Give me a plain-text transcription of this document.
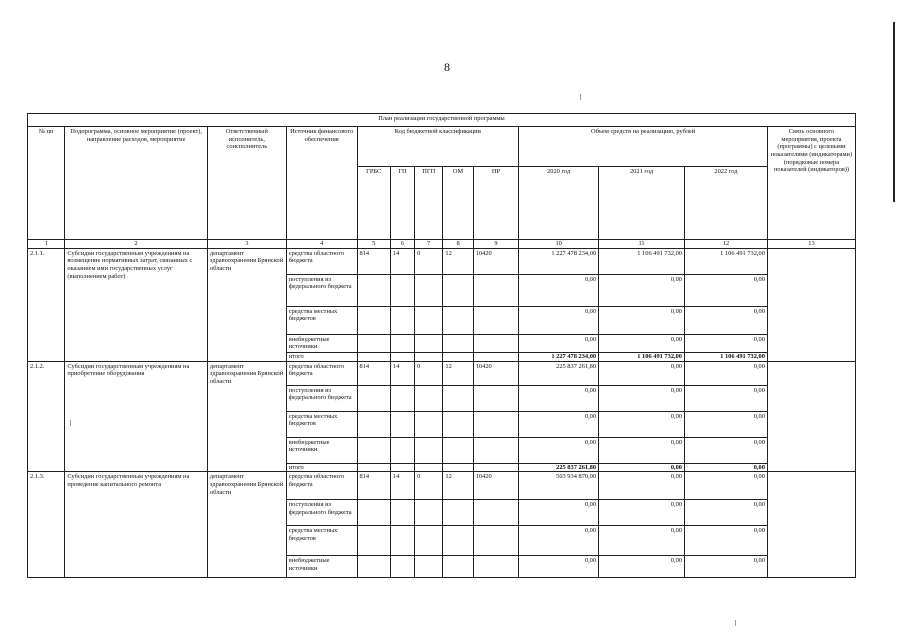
8
План реализации государственной программы												
№ пп	Подпрограмма, основное мероприятие (проект), направление расходов, мероприятие	Ответственный исполнитель, соисполнитель	Источник финансового обеспечения	Код бюджетной классификации					Объем средств на реализацию, рублей			Связь основного мероприятия, проекта (программы) с целевыми показателями (индикаторами) (порядковые номера показателей (индикаторов))
				ГРБС	ГП	ПГП	ОМ	НР	2020 год	2021 год	2022 год	
1	2	3	4	5	6	7	8	9	10	11	12	13
2.1.1.	Субсидии государственным учреждениям на возмещение нормативных затрат, связанных с оказанием ими государственных услуг (выполнением работ)	департамент здравоохранения Брянской области	средства областного бюджета	814	14	0	12	10420	1 227 478 234,00	1 106 491 732,00	1 106 491 732,00	
			поступления из федерального бюджета						0,00	0,00	0,00	
			средства местных бюджетов						0,00	0,00	0,00	
			внебюджетные источники						0,00	0,00	0,00	
			итого						1 227 478 234,00	1 106 491 732,00	1 106 491 732,00	
2.1.2.	Субсидии государственным учреждениям на приобретение оборудования	департамент здравоохранения Брянской области	средства областного бюджета	814	14	0	12	10420	225 837 261,80	0,00	0,00	
			поступления из федерального бюджета						0,00	0,00	0,00	
			средства местных бюджетов						0,00	0,00	0,00	
			внебюджетные источники						0,00	0,00	0,00	
			итого						225 837 261,80	0,00	0,00	
2.1.3.	Субсидии государственным учреждениям на проведение капитального ремонта	департамент здравоохранения Брянской области	средства областного бюджета	814	14	0	12	10420	503 934 870,00	0,00	0,00	
			поступления из федерального бюджета						0,00	0,00	0,00	
			средства местных бюджетов						0,00	0,00	0,00	
			внебюджетные источники						0,00	0,00	0,00	
